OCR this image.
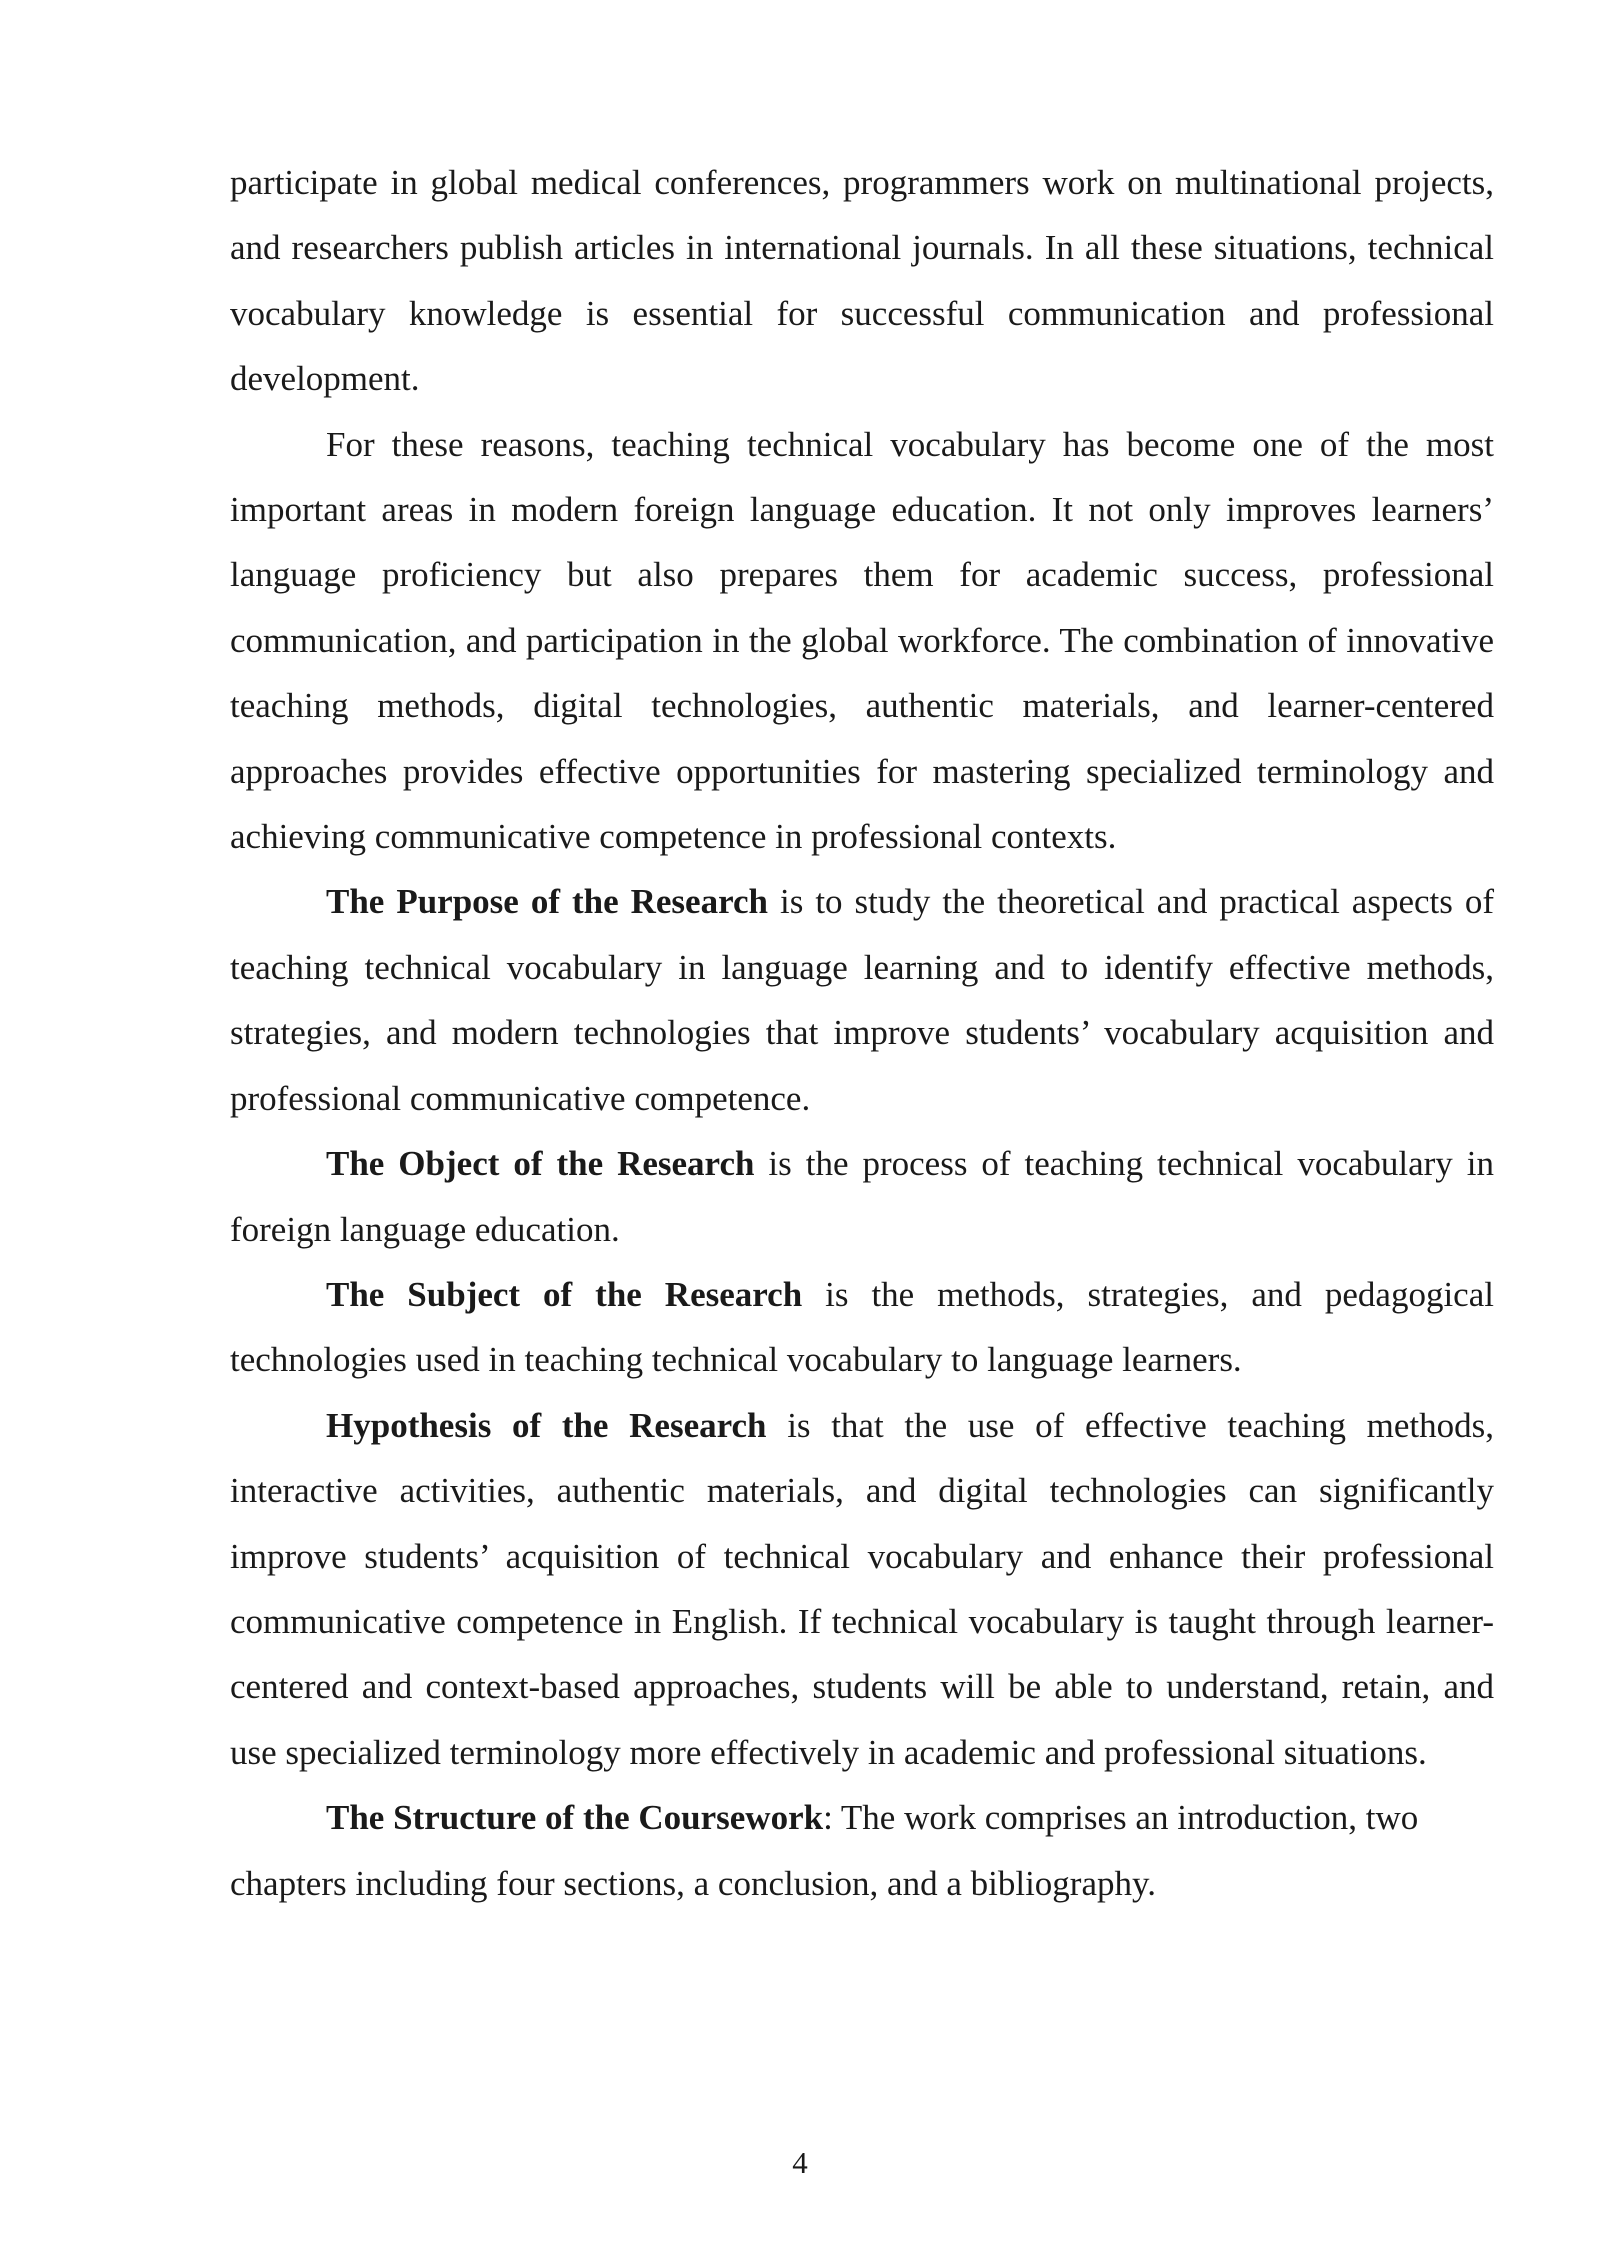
participate in global medical conferences, programmers work on multinational projects, and researchers publish articles in international journals. In all these situations, technical vocabulary knowledge is essential for successful communication and professional development.

For these reasons, teaching technical vocabulary has become one of the most important areas in modern foreign language education. It not only improves learners’ language proficiency but also prepares them for academic success, professional communication, and participation in the global workforce. The combination of innovative teaching methods, digital technologies, authentic materials, and learner-centered approaches provides effective opportunities for mastering specialized terminology and achieving communicative competence in professional contexts.

The Purpose of the Research is to study the theoretical and practical aspects of teaching technical vocabulary in language learning and to identify effective methods, strategies, and modern technologies that improve students’ vocabulary acquisition and professional communicative competence.

The Object of the Research is the process of teaching technical vocabulary in foreign language education.

The Subject of the Research is the methods, strategies, and pedagogical technologies used in teaching technical vocabulary to language learners.

Hypothesis of the Research is that the use of effective teaching methods, interactive activities, authentic materials, and digital technologies can significantly improve students’ acquisition of technical vocabulary and enhance their professional communicative competence in English. If technical vocabulary is taught through learner-centered and context-based approaches, students will be able to understand, retain, and use specialized terminology more effectively in academic and professional situations.

The Structure of the Coursework: The work comprises an introduction, two chapters including four sections, a conclusion, and a bibliography.

4
